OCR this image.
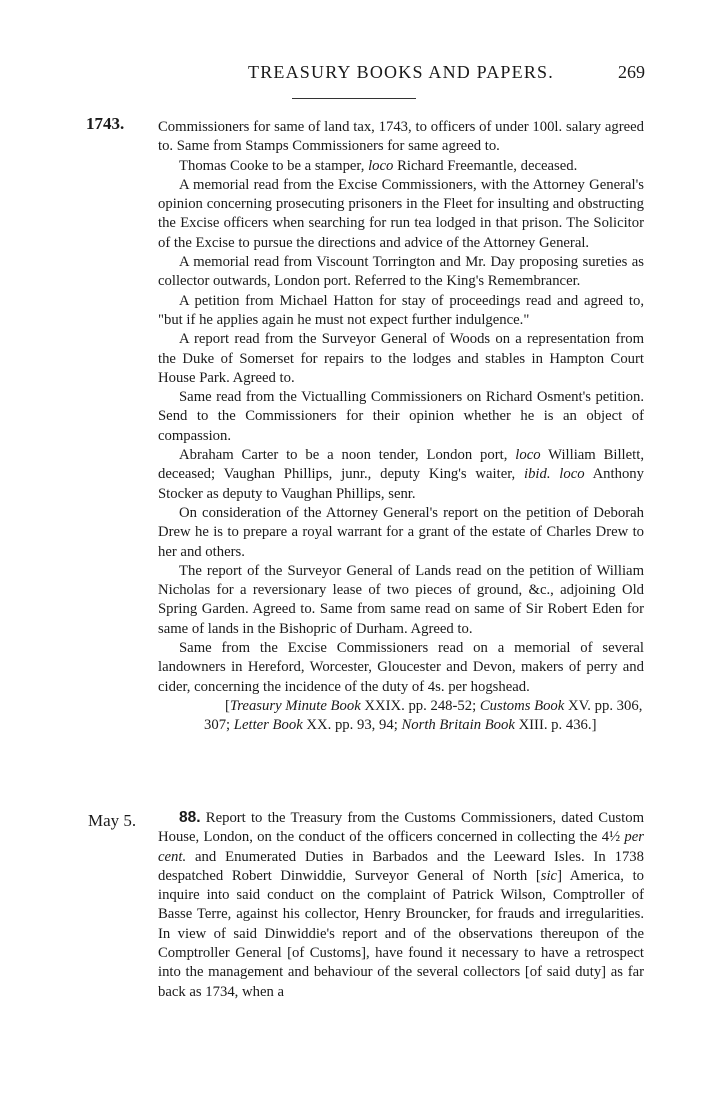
TREASURY BOOKS AND PAPERS.	269
1743. Commissioners for same of land tax, 1743, to officers of under 100l. salary agreed to. Same from Stamps Commissioners for same agreed to.

Thomas Cooke to be a stamper, loco Richard Freemantle, deceased.

A memorial read from the Excise Commissioners, with the Attorney General's opinion concerning prosecuting prisoners in the Fleet for insulting and obstructing the Excise officers when searching for run tea lodged in that prison. The Solicitor of the Excise to pursue the directions and advice of the Attorney General.

A memorial read from Viscount Torrington and Mr. Day proposing sureties as collector outwards, London port. Referred to the King's Remembrancer.

A petition from Michael Hatton for stay of proceedings read and agreed to, "but if he applies again he must not expect further indulgence."

A report read from the Surveyor General of Woods on a representation from the Duke of Somerset for repairs to the lodges and stables in Hampton Court House Park. Agreed to.

Same read from the Victualling Commissioners on Richard Osment's petition. Send to the Commissioners for their opinion whether he is an object of compassion.

Abraham Carter to be a noon tender, London port, loco William Billett, deceased; Vaughan Phillips, junr., deputy King's waiter, ibid. loco Anthony Stocker as deputy to Vaughan Phillips, senr.

On consideration of the Attorney General's report on the petition of Deborah Drew he is to prepare a royal warrant for a grant of the estate of Charles Drew to her and others.

The report of the Surveyor General of Lands read on the petition of William Nicholas for a reversionary lease of two pieces of ground, &c., adjoining Old Spring Garden. Agreed to. Same from same read on same of Sir Robert Eden for same of lands in the Bishopric of Durham. Agreed to.

Same from the Excise Commissioners read on a memorial of several landowners in Hereford, Worcester, Gloucester and Devon, makers of perry and cider, concerning the incidence of the duty of 4s. per hogshead.

[Treasury Minute Book XXIX. pp. 248-52; Customs Book XV. pp. 306, 307; Letter Book XX. pp. 93, 94; North Britain Book XIII. p. 436.]

May 5.	88. Report to the Treasury from the Customs Commissioners, dated Custom House, London, on the conduct of the officers concerned in collecting the 4½ per cent. and Enumerated Duties in Barbados and the Leeward Isles. In 1738 despatched Robert Dinwiddie, Surveyor General of North [sic] America, to inquire into said conduct on the complaint of Patrick Wilson, Comptroller of Basse Terre, against his collector, Henry Brouncker, for frauds and irregularities. In view of said Dinwiddie's report and of the observations thereupon of the Comptroller General [of Customs], have found it necessary to have a retrospect into the management and behaviour of the several collectors [of said duty] as far back as 1734, when a
